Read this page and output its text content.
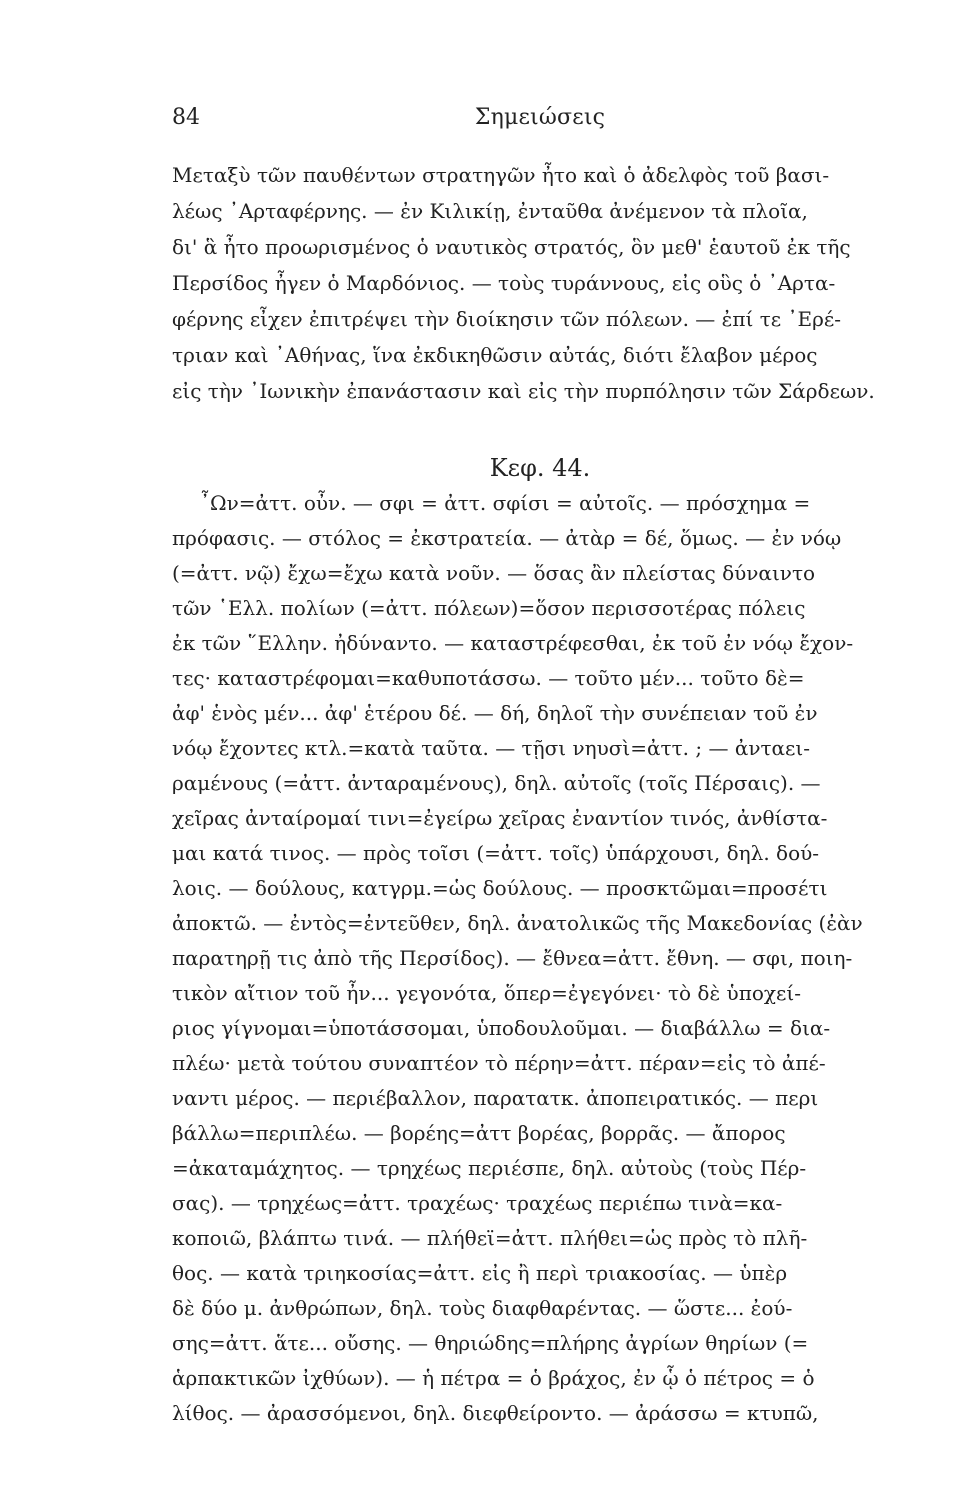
84	Σημειώσεις
Μεταξὺ τῶν παυθέντων στρατηγῶν ἦτο καὶ ὁ ἀδελφὸς τοῦ βασι-
λέως ᾿Αρταφέρνης. — ἐν Κιλικίῃ, ἐνταῦθα ἀνέμενον τὰ πλοῖα,
δι' ἃ ἦτο προωρισμένος ὁ ναυτικὸς στρατός, ὃν μεθ' ἑαυτοῦ ἐκ τῆς
Περσίδος ἦγεν ὁ Μαρδόνιος. — τοὺς τυράννους, εἰς οὓς ὁ ᾿Αρτα-
φέρνης εἶχεν ἐπιτρέψει τὴν διοίκησιν τῶν πόλεων. — ἐπί τε ᾿Ερέ-
τριαν καὶ ᾿Αθήνας, ἵνα ἐκδικηθῶσιν αὐτάς, διότι ἔλαβον μέρος
εἰς τὴν ᾿Ιωνικὴν ἐπανάστασιν καὶ εἰς τὴν πυρπόλησιν τῶν Σάρδεων.
Κεφ. 44.
῏Ων=ἀττ. οὖν. — σφι = ἀττ. σφίσι = αὐτοῖς. — πρόσχημα =
πρόφασις. — στόλος = ἐκστρατεία. — ἀτὰρ = δέ, ὅμως. — ἐν νόῳ
(=ἀττ. νῷ) ἔχω=ἔχω κατὰ νοῦν. — ὅσας ἂν πλείστας δύναιντο
τῶν ῾Ελλ. πολίων (=ἀττ. πόλεων)=ὅσον περισσοτέρας πόλεις
ἐκ τῶν ῞Ελλην. ἠδύναντο. — καταστρέφεσθαι, ἐκ τοῦ ἐν νόῳ ἔχον-
τες· καταστρέφομαι=καθυποτάσσω. — τοῦτο μέν... τοῦτο δὲ=
ἀφ' ἑνὸς μέν... ἀφ' ἑτέρου δέ. — δή, δηλοῖ τὴν συνέπειαν τοῦ ἐν
νόῳ ἔχοντες κτλ.=κατὰ ταῦτα. — τῇσι νηυσὶ=ἀττ. ; — ἀνταει-
ραμένους (=ἀττ. ἀνταραμένους), δηλ. αὐτοῖς (τοῖς Πέρσαις). —
χεῖρας ἀνταίρομαί τινι=ἐγείρω χεῖρας ἐναντίον τινός, ἀνθίστα-
μαι κατά τινος. — πρὸς τοῖσι (=ἀττ. τοῖς) ὑπάρχουσι, δηλ. δού-
λοις. — δούλους, κατγρμ.=ὡς δούλους. — προσκτῶμαι=προσέτι
ἀποκτῶ. — ἐντὸς=ἐντεῦθεν, δηλ. ἀνατολικῶς τῆς Μακεδονίας (ἐὰν
παρατηρῇ τις ἀπὸ τῆς Περσίδος). — ἔθνεα=ἀττ. ἔθνη. — σφι, ποιη-
τικὸν αἴτιον τοῦ ἦν... γεγονότα, ὅπερ=ἐγεγόνει· τὸ δὲ ὑποχεί-
ριος γίγνομαι=ὑποτάσσομαι, ὑποδουλοῦμαι. — διαβάλλω = δια-
πλέω· μετὰ τούτου συναπτέον τὸ πέρην=ἀττ. πέραν=εἰς τὸ ἀπέ-
ναντι μέρος. — περιέβαλλον, παρατατκ. ἀποπειρατικός. — περι
βάλλω=περιπλέω. — βορέης=ἀττ βορέας, βορρᾶς. — ἄπορος
=ἀκαταμάχητος. — τρηχέως περιέσπε, δηλ. αὐτοὺς (τοὺς Πέρ-
σας). — τρηχέως=ἀττ. τραχέως· τραχέως περιέπω τινὰ=κα-
κοποιῶ, βλάπτω τινά. — πλήθεϊ=ἀττ. πλήθει=ὡς πρὸς τὸ πλῆ-
θος. — κατὰ τριηκοσίας=ἀττ. εἰς ἢ περὶ τριακοσίας. — ὑπὲρ
δὲ δύο μ. ἀνθρώπων, δηλ. τοὺς διαφθαρέντας. — ὥστε... ἐού-
σης=ἀττ. ἅτε... οὔσης. — θηριώδης=πλήρης ἀγρίων θηρίων (=
ἁρπακτικῶν ἰχθύων). — ἡ πέτρα = ὁ βράχος, ἐν ᾧ ὁ πέτρος = ὁ
λίθος. — ἀρασσόμενοι, δηλ. διεφθείροντο. — ἀράσσω = κτυπῶ,
